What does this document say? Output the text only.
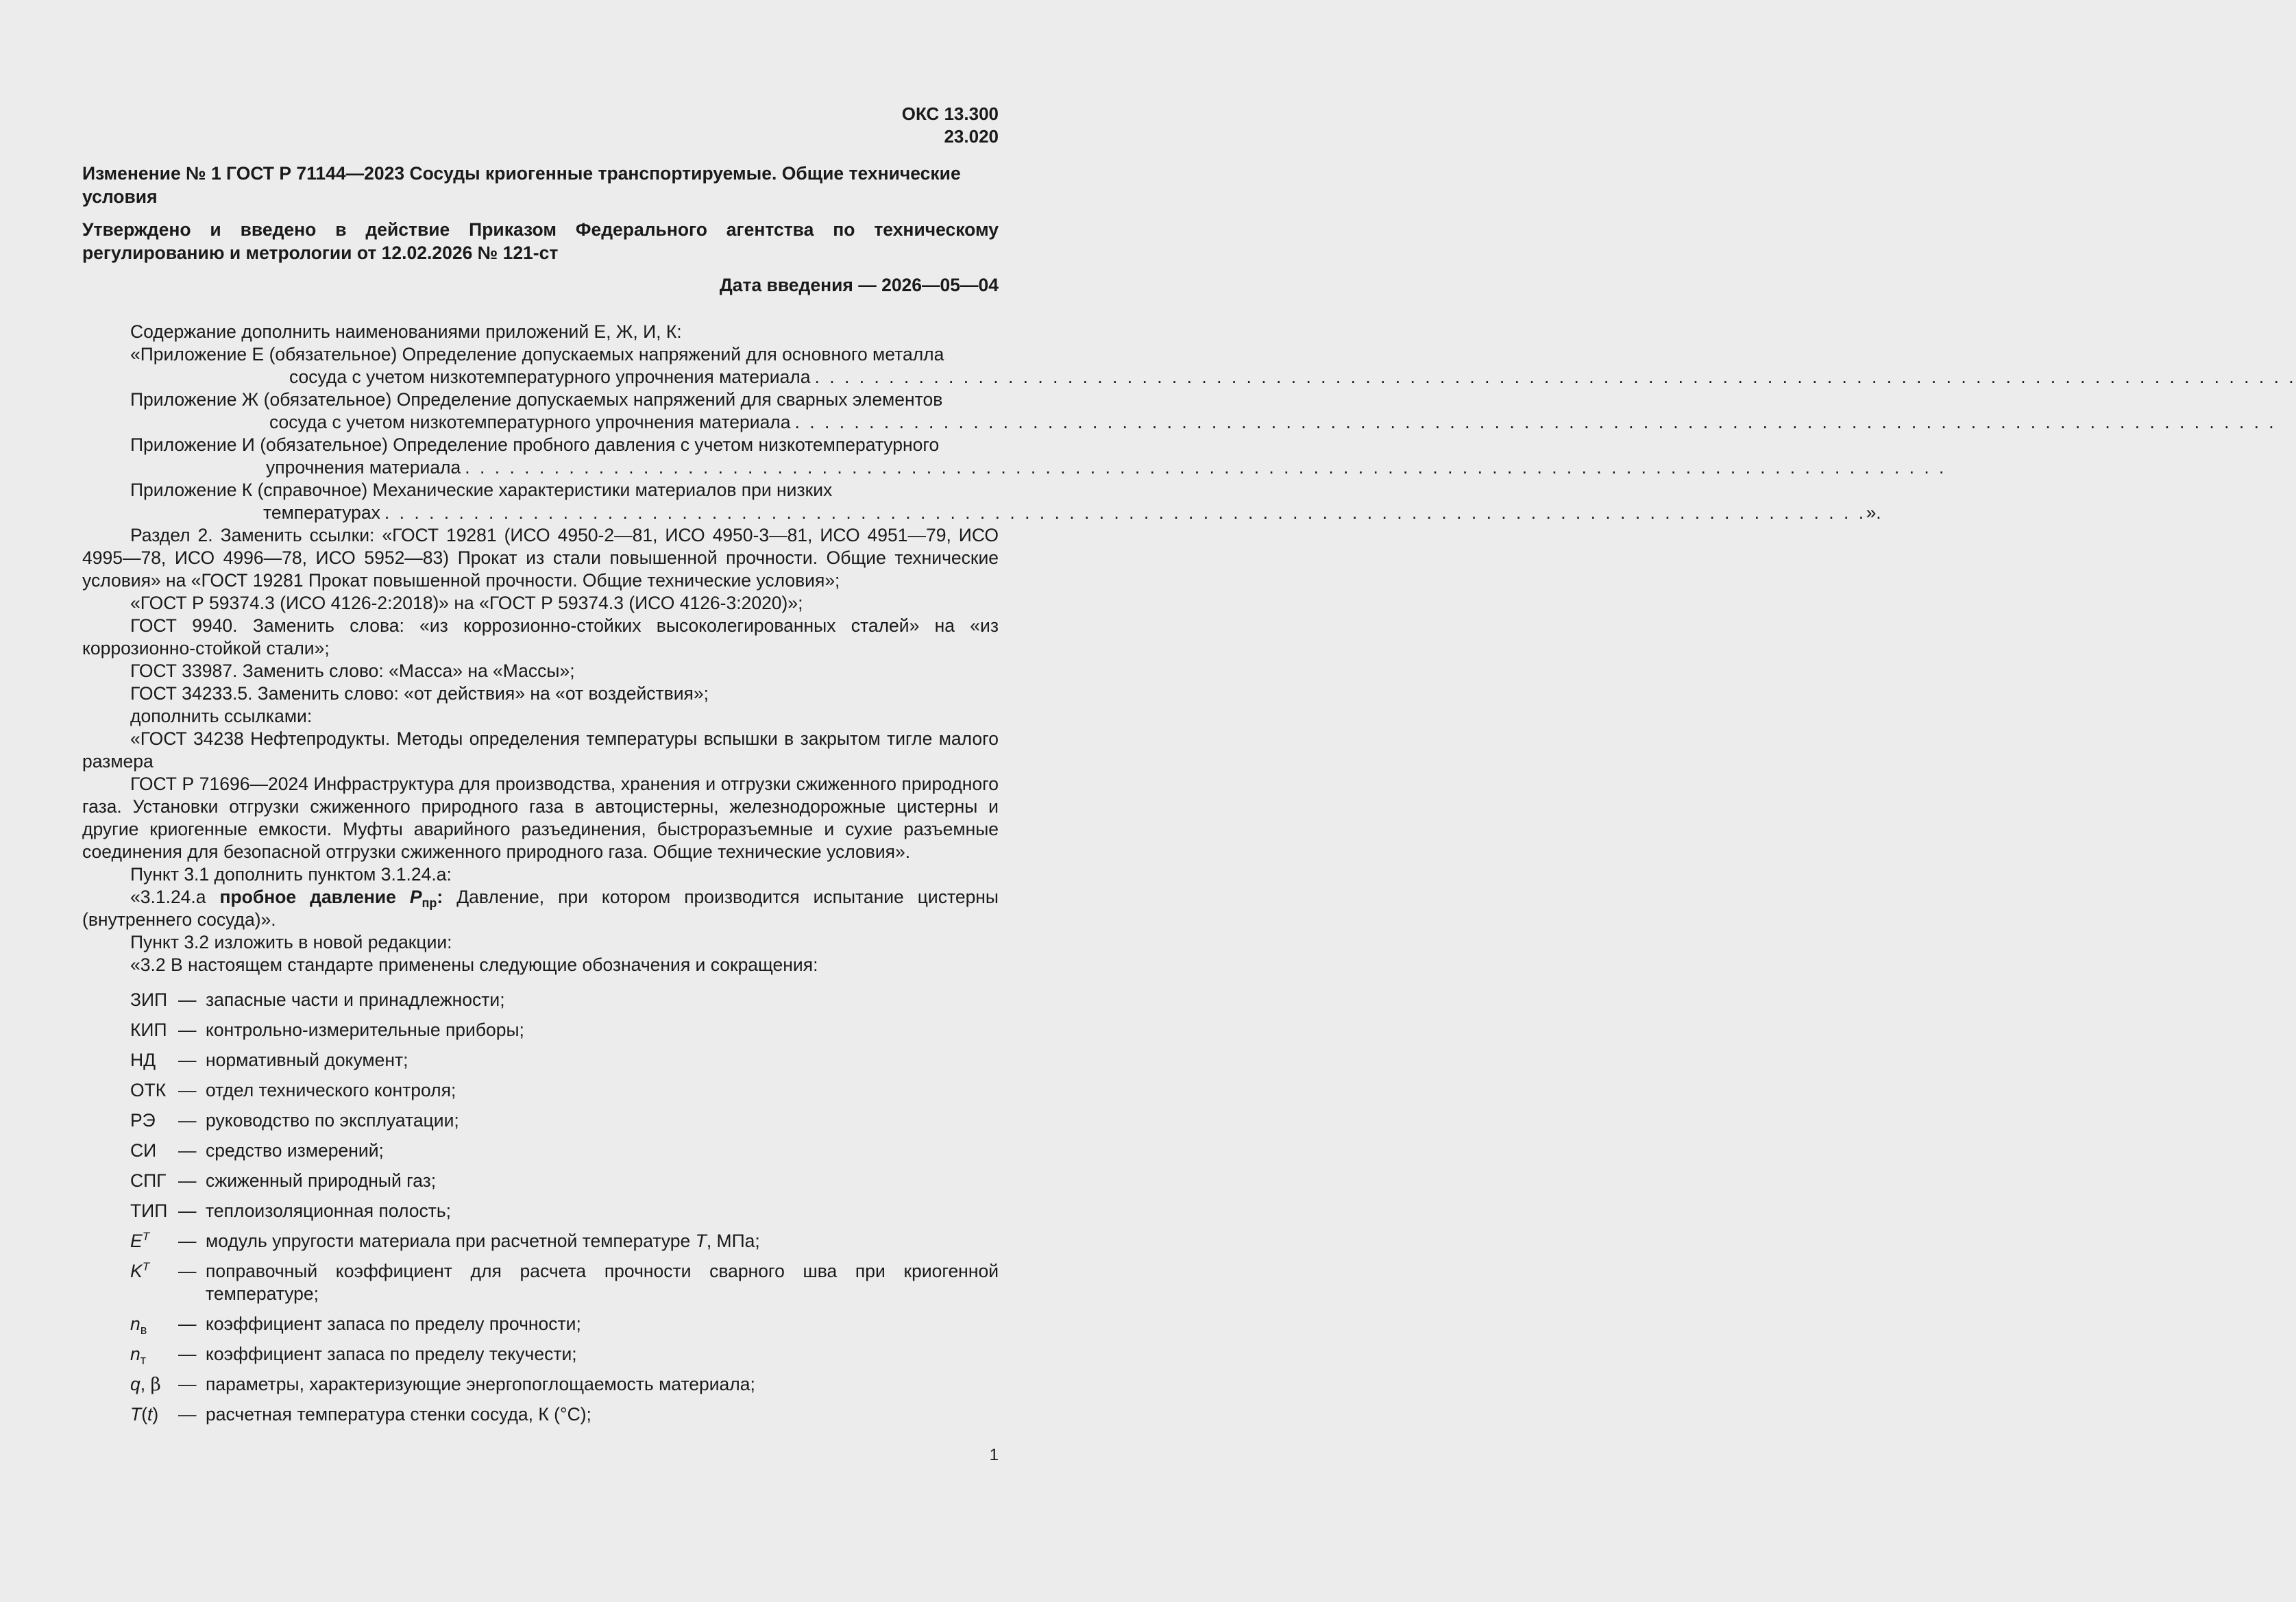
ОКС 13.300
23.020
Изменение № 1 ГОСТ Р 71144—2023 Сосуды криогенные транспортируемые. Общие технические условия
Утверждено и введено в действие Приказом Федерального агентства по техническому регулированию и метрологии от 12.02.2026 № 121-ст
Дата введения — 2026—05—04

Содержание дополнить наименованиями приложений Е, Ж, И, К:

«Приложение Е (обязательное) Определение допускаемых напряжений для основного металла

сосуда с учетом низкотемпературного упрочнения материала . . . . . . . . . . . . . . . . . . . . . . . . . . . . . . . . . . . . . . . . . . . . . . . . . . . . . . . . . . . . . . . . . . . . . . . . . . . . . . . . . . . . . . . . . . . . . . . . . . . .

Приложение Ж (обязательное) Определение допускаемых напряжений для сварных элементов

сосуда с учетом низкотемпературного упрочнения материала . . . . . . . . . . . . . . . . . . . . . . . . . . . . . . . . . . . . . . . . . . . . . . . . . . . . . . . . . . . . . . . . . . . . . . . . . . . . . . . . . . . . . . . . . . . . . . . . . . . .

Приложение И (обязательное) Определение пробного давления с учетом низкотемпературного

упрочнения материала . . . . . . . . . . . . . . . . . . . . . . . . . . . . . . . . . . . . . . . . . . . . . . . . . . . . . . . . . . . . . . . . . . . . . . . . . . . . . . . . . . . . . . . . . . . . . . . . . . . .

Приложение К (справочное) Механические характеристики материалов при низких

температурах . . . . . . . . . . . . . . . . . . . . . . . . . . . . . . . . . . . . . . . . . . . . . . . . . . . . . . . . . . . . . . . . . . . . . . . . . . . . . . . . . . . . . . . . . . . . . . . . . . . . ».

Раздел 2. Заменить ссылки: «ГОСТ 19281 (ИСО 4950-2—81, ИСО 4950-3—81, ИСО 4951—79, ИСО 4995—78, ИСО 4996—78, ИСО 5952—83) Прокат из стали повышенной прочности. Общие технические условия» на «ГОСТ 19281 Прокат повышенной прочности. Общие технические условия»;

«ГОСТ Р 59374.3 (ИСО 4126-2:2018)» на «ГОСТ Р 59374.3 (ИСО 4126-3:2020)»;

ГОСТ 9940. Заменить слова: «из коррозионно-стойких высоколегированных сталей» на «из коррозионно-стойкой стали»;

ГОСТ 33987. Заменить слово: «Масса» на «Массы»;

ГОСТ 34233.5. Заменить слово: «от действия» на «от воздействия»;

дополнить ссылками:

«ГОСТ 34238 Нефтепродукты. Методы определения температуры вспышки в закрытом тигле малого размера

ГОСТ Р 71696—2024 Инфраструктура для производства, хранения и отгрузки сжиженного природного газа. Установки отгрузки сжиженного природного газа в автоцистерны, железнодорожные цистерны и другие криогенные емкости. Муфты аварийного разъединения, быстроразъемные и сухие разъемные соединения для безопасной отгрузки сжиженного природного газа. Общие технические условия».

Пункт 3.1 дополнить пунктом 3.1.24.а:

«3.1.24.а пробное давление $P_{пр}$: Давление, при котором производится испытание цистерны (внутреннего сосуда)».

Пункт 3.2 изложить в новой редакции:

«3.2 В настоящем стандарте применены следующие обозначения и сокращения:

ЗИП — запасные части и принадлежности;
КИП — контрольно-измерительные приборы;
НД	— нормативный документ;
ОТК — отдел технического контроля;
РЭ	— руководство по эксплуатации;
СИ	— средство измерений;
СПГ — сжиженный природный газ;
ТИП — теплоизоляционная полость;
$E^T$	— модуль упругости материала при расчетной температуре T, МПа;
$K^T$	— поправочный коэффициент для расчета прочности сварного шва при криогенной температуре;
$n_в$	— коэффициент запаса по пределу прочности;
$n_т$	— коэффициент запаса по пределу текучести;
q, β — параметры, характеризующие энергопоглощаемость материала;
T(t)	— расчетная температура стенки сосуда, К (°С);
1
